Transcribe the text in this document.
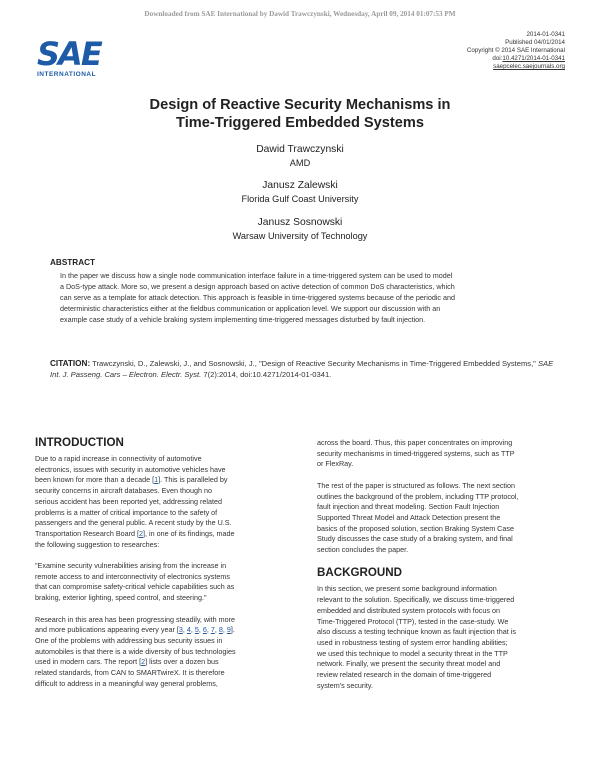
Downloaded from SAE International by Dawid Trawczynski, Wednesday, April 09, 2014 01:07:53 PM
SAE
INTERNATIONAL
2014-01-0341
Published 04/01/2014
Copyright © 2014 SAE International
doi:10.4271/2014-01-0341
saepcelec.saejournals.org
Design of Reactive Security Mechanisms in
Time-Triggered Embedded Systems
Dawid Trawczynski
AMD
Janusz Zalewski
Florida Gulf Coast University
Janusz Sosnowski
Warsaw University of Technology
ABSTRACT
In the paper we discuss how a single node communication interface failure in a time-triggered system can be used to model
a DoS-type attack. More so, we present a design approach based on active detection of common DoS characteristics, which
can serve as a template for attack detection. This approach is feasible in time-triggered systems because of the periodic and
deterministic characteristics either at the fieldbus communication or application level. We support our discussion with an
example case study of a vehicle braking system implementing time-triggered messages disturbed by fault injection.
CITATION: Trawczynski, D., Zalewski, J., and Sosnowski, J., "Design of Reactive Security Mechanisms in Time-Triggered Embedded Systems," SAE Int. J. Passeng. Cars – Electron. Electr. Syst. 7(2):2014, doi:10.4271/2014-01-0341.
INTRODUCTION

Due to a rapid increase in connectivity of automotive
electronics, issues with security in automotive vehicles have
been known for more than a decade [1]. This is paralleled by
security concerns in aircraft databases. Even though no
serious accident has been reported yet, addressing related
problems is a matter of critical importance to the safety of
passengers and the general public. A recent study by the U.S.
Transportation Research Board [2], in one of its findings, made
the following suggestion to researches:

"Examine security vulnerabilities arising from the increase in
remote access to and interconnectivity of electronics systems
that can compromise safety-critical vehicle capabilities such as
braking, exterior lighting, speed control, and steering."

Research in this area has been progressing steadily, with more
and more publications appearing every year [3, 4, 5, 6, 7, 8, 9].
One of the problems with addressing bus security issues in
automobiles is that there is a wide diversity of bus technologies
used in modern cars. The report [2] lists over a dozen bus
related standards, from CAN to SMARTwireX. It is therefore
difficult to address in a meaningful way general problems,

across the board. Thus, this paper concentrates on improving
security mechanisms in timed-triggered systems, such as TTP
or FlexRay.

The rest of the paper is structured as follows. The next section
outlines the background of the problem, including TTP protocol,
fault injection and threat modeling. Section Fault Injection
Supported Threat Model and Attack Detection present the
basics of the proposed solution, section Braking System Case
Study discusses the case study of a braking system, and final
section concludes the paper.

BACKGROUND

In this section, we present some background information
relevant to the solution. Specifically, we discuss time-triggered
embedded and distributed system protocols with focus on
Time-Triggered Protocol (TTP), tested in the case-study. We
also discuss a testing technique known as fault injection that is
used in robustness testing of system error handling abilities;
we used this technique to model a security threat in the TTP
network. Finally, we present the security threat model and
review related research in the domain of time-triggered
system's security.
